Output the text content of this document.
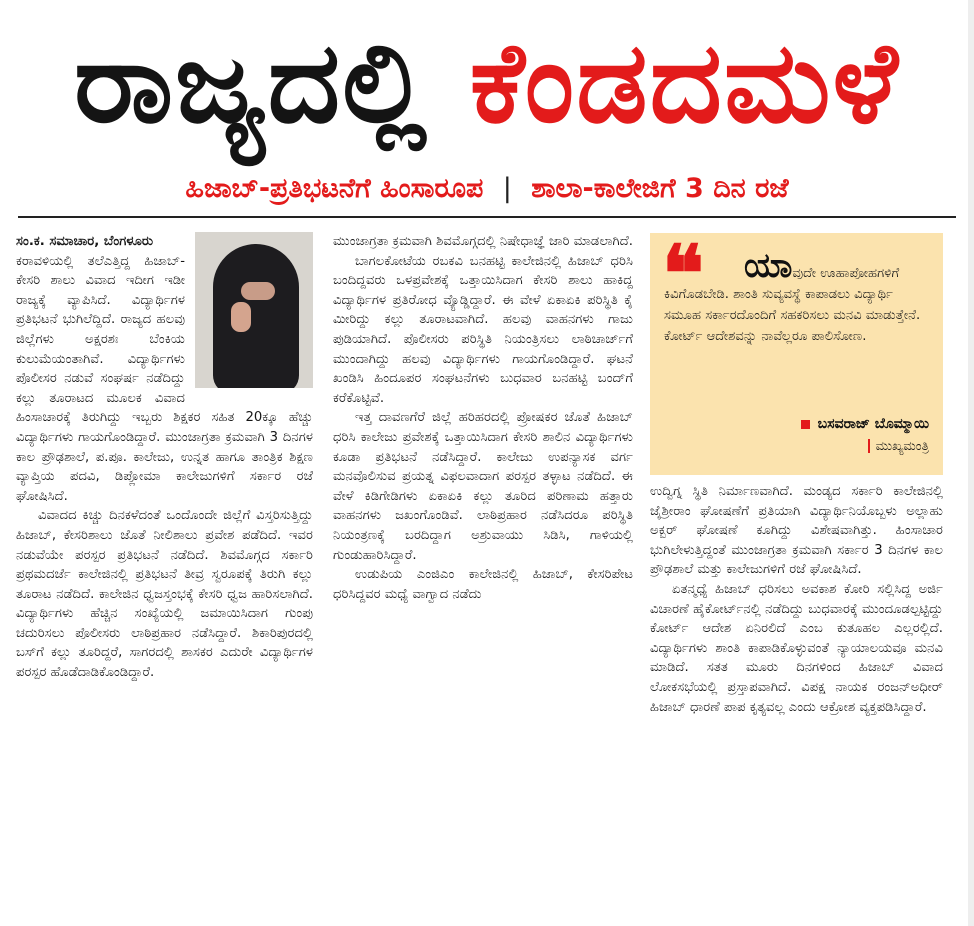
ರಾಜ್ಯದಲ್ಲಿ ಕೆಂಡದಮಳೆ
ಹಿಜಾಬ್-ಪ್ರತಿಭಟನೆಗೆ ಹಿಂಸಾರೂಪ | ಶಾಲಾ-ಕಾಲೇಜಿಗೆ 3 ದಿನ ರಜೆ

ಸಂ.ಕ. ಸಮಾಚಾರ, ಬೆಂಗಳೂರು
ಕರಾವಳಿಯಲ್ಲಿ ತಲೆಎತ್ತಿದ್ದ ಹಿಜಾಬ್-ಕೇಸರಿ ಶಾಲು ವಿವಾದ ಇದೀಗ ಇಡೀ ರಾಜ್ಯಕ್ಕೆ ವ್ಯಾಪಿಸಿದೆ. ವಿದ್ಯಾರ್ಥಿಗಳ ಪ್ರತಿಭಟನೆ ಭುಗಿಲೆದ್ದಿದೆ. ರಾಜ್ಯದ ಹಲವು ಜಿಲ್ಲೆಗಳು ಅಕ್ಷರಶಃ ಬೆಂಕಿಯ ಕುಲುಮೆಯಂತಾಗಿವೆ. ವಿದ್ಯಾರ್ಥಿಗಳು ಪೊಲೀಸರ ನಡುವೆ ಸಂಘರ್ಷ ನಡೆದಿದ್ದು ಕಲ್ಲು ತೂರಾಟದ ಮೂಲಕ ವಿವಾದ ಹಿಂಸಾಚಾರಕ್ಕೆ ತಿರುಗಿದ್ದು ಇಬ್ಬರು ಶಿಕ್ಷಕರ ಸಹಿತ 20ಕ್ಕೂ ಹೆಚ್ಚು ವಿದ್ಯಾರ್ಥಿಗಳು ಗಾಯಗೊಂಡಿದ್ದಾರೆ. ಮುಂಜಾಗ್ರತಾ ಕ್ರಮವಾಗಿ 3 ದಿನಗಳ ಕಾಲ ಪ್ರೌಢಶಾಲೆ, ಪ.ಪೂ. ಕಾಲೇಜು, ಉನ್ನತ ಹಾಗೂ ತಾಂತ್ರಿಕ ಶಿಕ್ಷಣ ವ್ಯಾಪ್ತಿಯ ಪದವಿ, ಡಿಪ್ಲೋಮಾ ಕಾಲೇಜುಗಳಿಗೆ ಸರ್ಕಾರ ರಜೆ ಘೋಷಿಸಿದೆ.

ವಿವಾದದ ಕಿಚ್ಚು ದಿನಕಳೆದಂತೆ ಒಂದೊಂದೇ ಜಿಲ್ಲೆಗೆ ವಿಸ್ತರಿಸುತ್ತಿದ್ದು ಹಿಜಾಬ್, ಕೇಸರಿಶಾಲು ಜೊತೆ ನೀಲಿಶಾಲು ಪ್ರವೇಶ ಪಡೆದಿದೆ. ಇವರ ನಡುವೆಯೇ ಪರಸ್ಪರ ಪ್ರತಿಭಟನೆ ನಡೆದಿದೆ. ಶಿವಮೊಗ್ಗದ ಸರ್ಕಾರಿ ಪ್ರಥಮದರ್ಜೆ ಕಾಲೇಜಿನಲ್ಲಿ ಪ್ರತಿಭಟನೆ ತೀವ್ರ ಸ್ವರೂಪಕ್ಕೆ ತಿರುಗಿ ಕಲ್ಲು ತೂರಾಟ ನಡೆದಿದೆ. ಕಾಲೇಜಿನ ಧ್ವಜಸ್ತಂಭಕ್ಕೆ ಕೇಸರಿ ಧ್ವಜ ಹಾರಿಸಲಾಗಿದೆ. ವಿದ್ಯಾರ್ಥಿಗಳು ಹೆಚ್ಚಿನ ಸಂಖ್ಯೆಯಲ್ಲಿ ಜಮಾಯಿಸಿದಾಗ ಗುಂಪು ಚದುರಿಸಲು ಪೊಲೀಸರು ಲಾಠಿಪ್ರಹಾರ ನಡೆಸಿದ್ದಾರೆ. ಶಿಕಾರಿಪುರದಲ್ಲಿ ಬಸ್‌ಗೆ ಕಲ್ಲು ತೂರಿದ್ದರೆ, ಸಾಗರದಲ್ಲಿ ಶಾಸಕರ ಎದುರೇ ವಿದ್ಯಾರ್ಥಿಗಳ ಪರಸ್ಪರ ಹೊಡೆದಾಡಿಕೊಂಡಿದ್ದಾರೆ.

ಮುಂಜಾಗ್ರತಾ ಕ್ರಮವಾಗಿ ಶಿವಮೊಗ್ಗದಲ್ಲಿ ನಿಷೇಧಾಜ್ಞೆ ಜಾರಿ ಮಾಡಲಾಗಿದೆ.

ಬಾಗಲಕೋಟೆಯ ರಬಕವಿ ಬನಹಟ್ಟಿ ಕಾಲೇಜಿನಲ್ಲಿ ಹಿಜಾಬ್ ಧರಿಸಿ ಬಂದಿದ್ದವರು ಒಳಪ್ರವೇಶಕ್ಕೆ ಒತ್ತಾಯಿಸಿದಾಗ ಕೇಸರಿ ಶಾಲು ಹಾಕಿದ್ದ ವಿದ್ಯಾರ್ಥಿಗಳ ಪ್ರತಿರೋಧ ವ್ಯೊಡ್ಡಿದ್ದಾರೆ. ಈ ವೇಳೆ ಏಕಾಏಕಿ ಪರಿಸ್ಥಿತಿ ಕೈ ಮೀರಿದ್ದು ಕಲ್ಲು ತೂರಾಟವಾಗಿದೆ. ಹಲವು ವಾಹನಗಳು ಗಾಜು ಪುಡಿಯಾಗಿದೆ. ಪೊಲೀಸರು ಪರಿಸ್ಥಿತಿ ನಿಯಂತ್ರಿಸಲು ಲಾಠಿಚಾರ್ಜ್‌ಗೆ ಮುಂದಾಗಿದ್ದು ಹಲವು ವಿದ್ಯಾರ್ಥಿಗಳು ಗಾಯಗೊಂಡಿದ್ದಾರೆ. ಘಟನೆ ಖಂಡಿಸಿ ಹಿಂದೂಪರ ಸಂಘಟನೆಗಳು ಬುಧವಾರ ಬನಹಟ್ಟಿ ಬಂದ್‌ಗೆ ಕರೆಕೊಟ್ಟಿವೆ.

ಇತ್ತ ದಾವಣಗೆರೆ ಜಿಲ್ಲೆ ಹರಿಹರದಲ್ಲಿ ಪ್ರೋಷಕರ ಜೊತೆ ಹಿಜಾಬ್ ಧರಿಸಿ ಕಾಲೇಜು ಪ್ರವೇಶಕ್ಕೆ ಒತ್ತಾಯಿಸಿದಾಗ ಕೇಸರಿ ಶಾಲಿನ ವಿದ್ಯಾರ್ಥಿಗಳು ಕೂಡಾ ಪ್ರತಿಭಟನೆ ನಡೆಸಿದ್ದಾರೆ. ಕಾಲೇಜು ಉಪನ್ಯಾಸಕ ವರ್ಗ ಮನವೊಲಿಸುವ ಪ್ರಯತ್ನ ವಿಫಲವಾದಾಗ ಪರಸ್ಪರ ತಳ್ಳಾಟ ನಡೆದಿದೆ. ಈ ವೇಳೆ ಕಿಡಿಗೇಡಿಗಳು ಏಕಾಏಕಿ ಕಲ್ಲು ತೂರಿದ ಪರಿಣಾಮ ಹತ್ತಾರು ವಾಹನಗಳು ಜಖಂಗೊಂಡಿವೆ. ಲಾಠಿಪ್ರಹಾರ ನಡೆಸಿದರೂ ಪರಿಸ್ಥಿತಿ ನಿಯಂತ್ರಣಕ್ಕೆ ಬರದಿದ್ದಾಗ ಅಶ್ರುವಾಯು ಸಿಡಿಸಿ, ಗಾಳಿಯಲ್ಲಿ ಗುಂಡುಹಾರಿಸಿದ್ದಾರೆ.

ಉಡುಪಿಯ ಎಂಜಿಎಂ ಕಾಲೇಜಿನಲ್ಲಿ ಹಿಜಾಬ್, ಕೇಸರಿಪೇಟ ಧರಿಸಿದ್ದವರ ಮಧ್ಯೆ ವಾಗ್ವಾದ ನಡೆದು

❝	ಯಾವುದೇ ಊಹಾಪೋಹಗಳಿಗೆ
ಕಿವಿಗೊಡಬೇಡಿ. ಶಾಂತಿ ಸುವ್ಯವಸ್ಥೆ ಕಾಪಾಡಲು ವಿದ್ಯಾರ್ಥಿ ಸಮೂಹ ಸರ್ಕಾರದೊಂದಿಗೆ ಸಹಕರಿಸಲು ಮನವಿ ಮಾಡುತ್ತೇನೆ. ಕೋರ್ಟ್ ಆದೇಶವನ್ನು ನಾವೆಲ್ಲರೂ ಪಾಲಿಸೋಣ.
ಬಸವರಾಜ್ ಬೊಮ್ಮಾಯಿ
ಮುಖ್ಯಮಂತ್ರಿ

ಉದ್ವಿಗ್ನ ಸ್ಥಿತಿ ನಿರ್ಮಾಣವಾಗಿದೆ. ಮಂಡ್ಯದ ಸರ್ಕಾರಿ ಕಾಲೇಜಿನಲ್ಲಿ ಜೈಶ್ರೀರಾಂ ಘೋಷಣೆಗೆ ಪ್ರತಿಯಾಗಿ ವಿದ್ಯಾರ್ಥಿನಿಯೊಬ್ಬಳು ಅಲ್ಲಾಹು ಅಕ್ಬರ್ ಘೋಷಣೆ ಕೂಗಿದ್ದು ವಿಶೇಷವಾಗಿತ್ತು. ಹಿಂಸಾಚಾರ ಭುಗಿಲೇಳುತ್ತಿದ್ದಂತೆ ಮುಂಜಾಗ್ರತಾ ಕ್ರಮವಾಗಿ ಸರ್ಕಾರ 3 ದಿನಗಳ ಕಾಲ ಪ್ರೌಢಶಾಲೆ ಮತ್ತು ಕಾಲೇಜುಗಳಿಗೆ ರಜೆ ಘೋಷಿಸಿದೆ.

ಏತನ್ಮಧ್ಯೆ ಹಿಜಾಬ್ ಧರಿಸಲು ಅವಕಾಶ ಕೋರಿ ಸಲ್ಲಿಸಿದ್ದ ಅರ್ಜಿ ವಿಚಾರಣೆ ಹೈಕೋರ್ಟ್‌ನಲ್ಲಿ ನಡೆದಿದ್ದು ಬುಧವಾರಕ್ಕೆ ಮುಂದೂಡಲ್ಪಟ್ಟಿದ್ದು ಕೋರ್ಟ್ ಆದೇಶ ಏನಿರಲಿದೆ ಎಂಬ ಕುತೂಹಲ ಎಲ್ಲರಲ್ಲಿದೆ. ವಿದ್ಯಾರ್ಥಿಗಳು ಶಾಂತಿ ಕಾಪಾಡಿಕೊಳ್ಳುವಂತೆ ನ್ಯಾಯಾಲಯವೂ ಮನವಿ ಮಾಡಿದೆ. ಸತತ ಮೂರು ದಿನಗಳಿಂದ ಹಿಜಾಬ್ ವಿವಾದ ಲೋಕಸಭೆಯಲ್ಲಿ ಪ್ರಸ್ತಾಪವಾಗಿದೆ. ವಿಪಕ್ಷ ನಾಯಕ ರಂಜನ್‌ಅಧೀರ್ ಹಿಜಾಬ್ ಧಾರಣೆ ಪಾಪ ಕೃತ್ಯವಲ್ಲ ಎಂದು ಆಕ್ರೋಶ ವ್ಯಕ್ತಪಡಿಸಿದ್ದಾರೆ.
